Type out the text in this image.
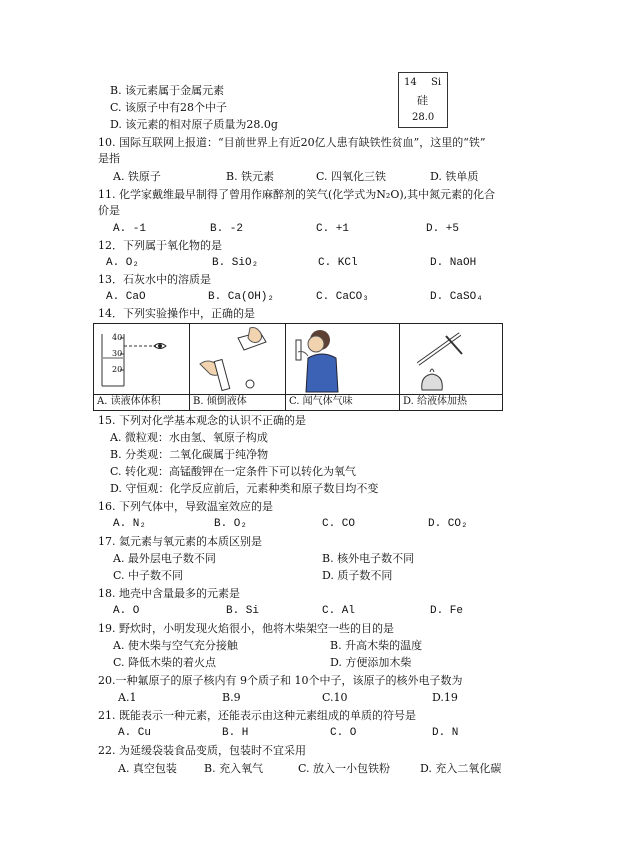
B. 该元素属于金属元素
C. 该原子中有28个中子
D. 该元素的相对原子质量为28.0g
14 Si
硅
28.0
10. 国际互联网上报道：“目前世界上有近20亿人患有缺铁性贫血”，这里的“铁”
是指
A. 铁原子	B. 铁元素	C. 四氧化三铁	D. 铁单质
11. 化学家戴维最早制得了曾用作麻醉剂的笑气(化学式为N₂O),其中氮元素的化合
价是
A. -1	B. -2	C. +1	D. +5
12．下列属于氧化物的是
A. O₂	B. SiO₂	C. KCl	D. NaOH
13．石灰水中的溶质是
A. CaO	B. Ca(OH)₂	C. CaCO₃	D. CaSO₄
14．下列实验操作中，正确的是
40
30
20
A. 读液体体积	B. 倾倒液体	C. 闻气体气味	D. 给液体加热
15. 下列对化学基本观念的认识不正确的是
A. 微粒观：水由氢、氧原子构成
B. 分类观：二氧化碳属于纯净物
C. 转化观：高锰酸钾在一定条件下可以转化为氧气
D. 守恒观：化学反应前后，元素种类和原子数目均不变
16. 下列气体中，导致温室效应的是
A. N₂	B. O₂	C. CO	D. CO₂
17. 氦元素与氧元素的本质区别是
A. 最外层电子数不同	B. 核外电子数不同
C. 中子数不同	D. 质子数不同
18. 地壳中含量最多的元素是
A. O	B. Si	C. Al	D. Fe
19. 野炊时，小明发现火焰很小，他将木柴架空一些的目的是
A. 使木柴与空气充分接触	B. 升高木柴的温度
C. 降低木柴的着火点	D. 方便添加木柴
20.一种氟原子的原子核内有 9个质子和 10个中子，该原子的核外电子数为
A.1	B.9	C.10	D.19
21. 既能表示一种元素，还能表示由这种元素组成的单质的符号是
A. Cu	B. H	C. O	D. N
22. 为延缓袋装食品变质，包装时不宜采用
A. 真空包装 B. 充入氧气	C. 放入一小包铁粉	D. 充入二氧化碳
